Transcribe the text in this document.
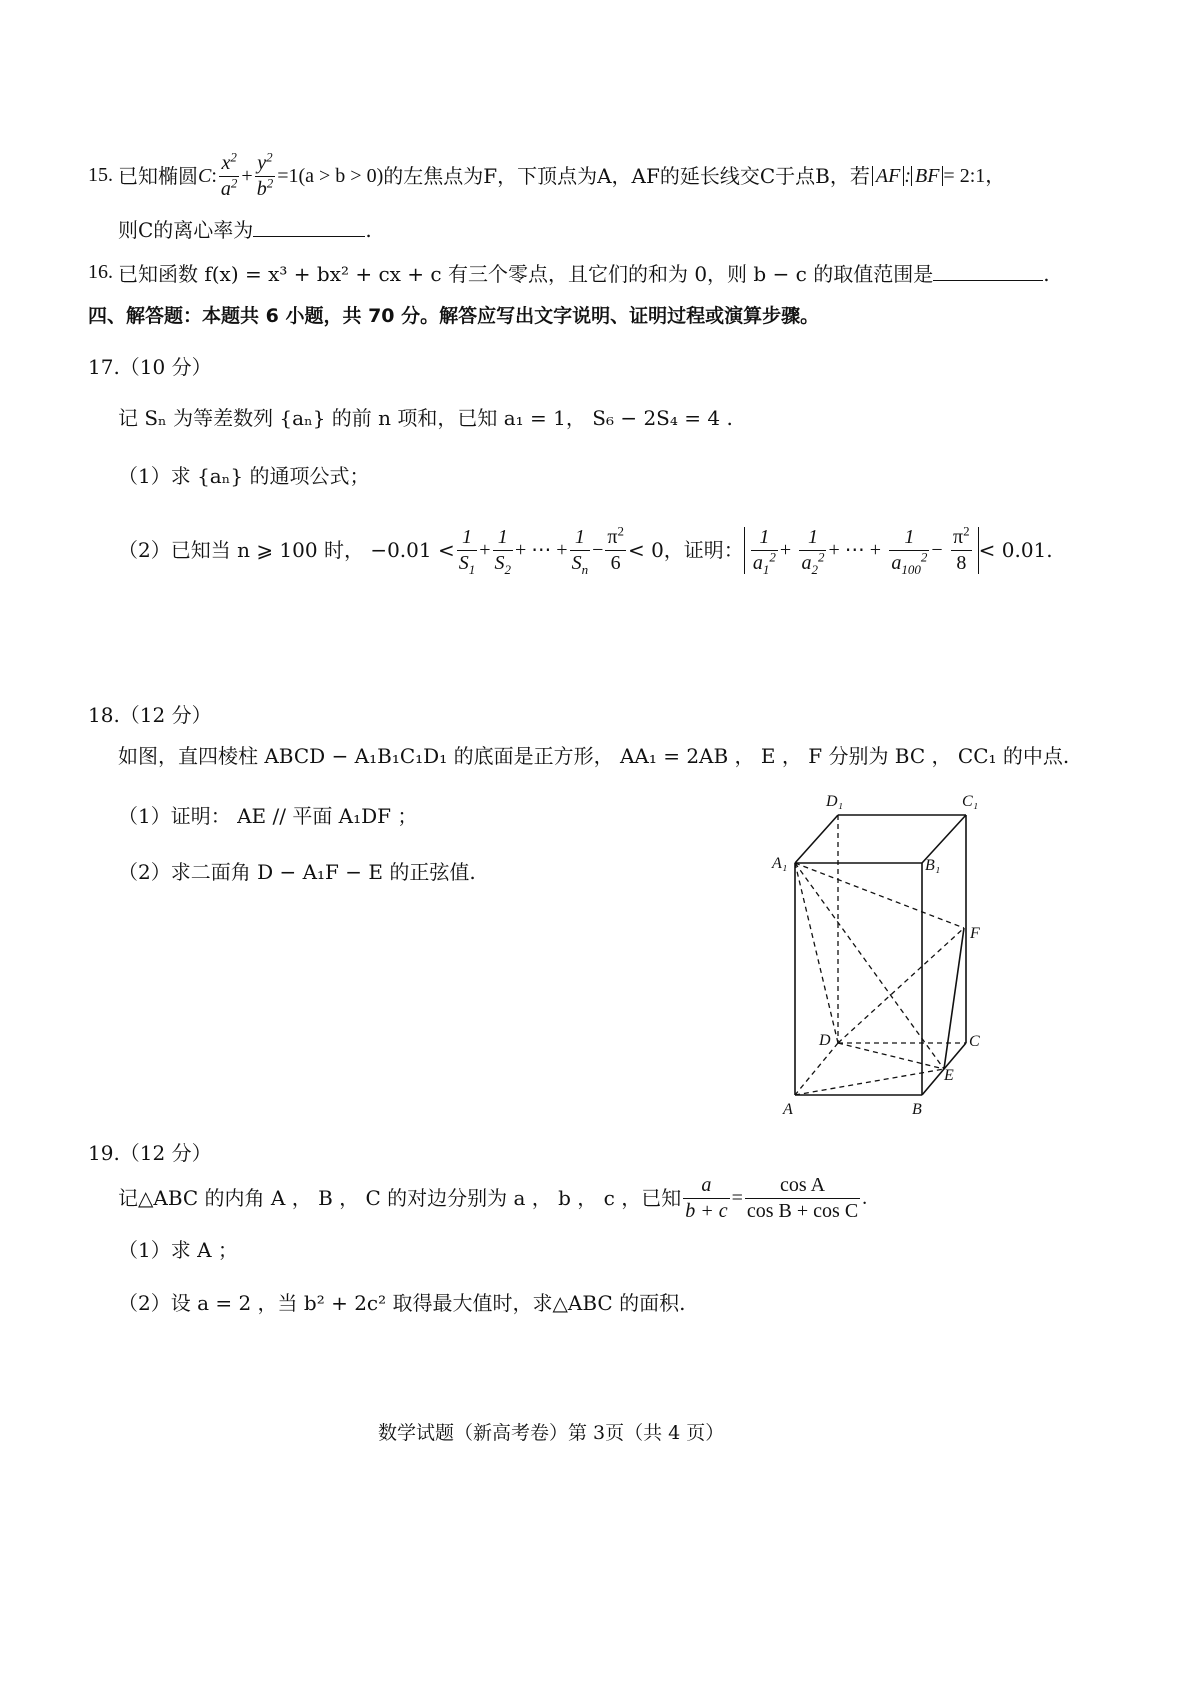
15. 已知椭圆 C : $\frac{x^2}{a^2} + \frac{y^2}{b^2} =1(a > b > 0)$ 的左焦点为F，下顶点为A，AF的延长线交C于点B，若 AF : BF = 2:1，
则C的离心率为	.
16. 已知函数 f(x) = x³ + bx² + cx + c 有三个零点，且它们的和为 0，则 b − c 的取值范围是	.
四、解答题：本题共 6 小题，共 70 分。解答应写出文字说明、证明过程或演算步骤。
17.（10 分）
记 Sₙ 为等差数列 {aₙ} 的前 n 项和，已知 a₁ = 1， S₆ − 2S₄ = 4 .
（1）求 {aₙ} 的通项公式；
（2）已知当 n ⩾ 100 时， $-0.01 < \frac{1}{S_1} + \frac{1}{S_2}$ + ⋯ + $\frac{1}{S_n} - \frac{\pi^2}{6} < 0$，证明： $\frac{1}{a_1^2} + \frac{1}{a_2^2}$ + ⋯ + $\frac{1}{a_{100}^2} - \frac{\pi^2}{8} < 0.01$.
18.（12 分）
如图，直四棱柱 ABCD − A₁B₁C₁D₁ 的底面是正方形， AA₁ = 2AB ， E ， F 分别为 BC ， CC₁ 的中点.
（1）证明： AE // 平面 A₁DF ；
（2）求二面角 D − A₁F − E 的正弦值.
D₁	C₁
A₁	B₁
F
D	C
E
A	B
19.（12 分）
记△ABC 的内角 A ， B ， C 的对边分别为 a ， b ， c ，已知 $\frac{a}{b + c} = \frac{\text{cos A}}{\text{cos B + cos C}}$ .
（1）求 A ；
（2）设 a = 2 ，当 b² + 2c² 取得最大值时，求△ABC 的面积.
数学试题（新高考卷）第 3页（共 4 页）
